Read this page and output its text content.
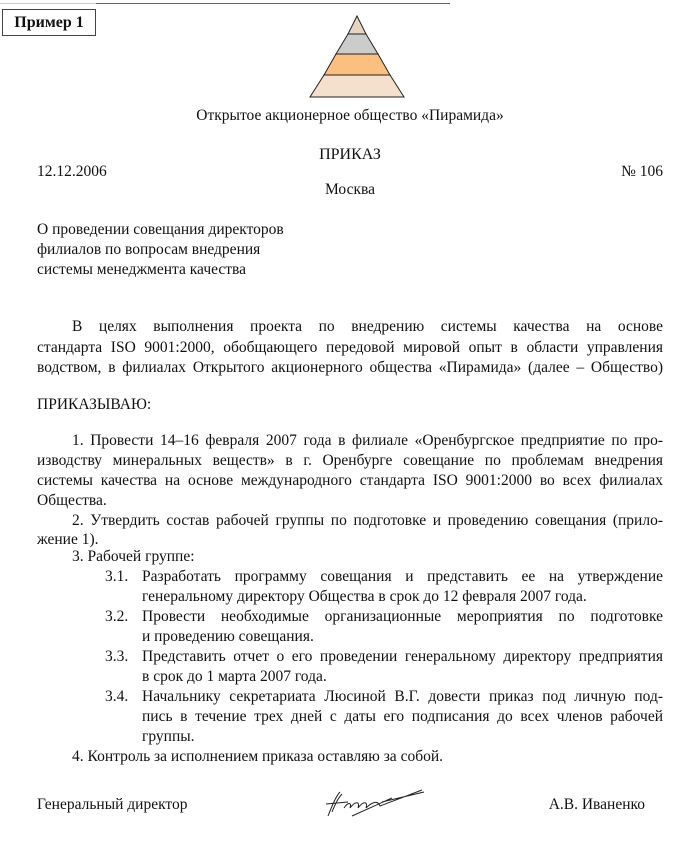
Пример 1
Открытое акционерное общество «Пирамида»
ПРИКАЗ
12.12.2006	№ 106
Москва
О проведении совещания директоров
филиалов по вопросам внедрения
системы менеджмента качества
В целях выполнения проекта по внедрению системы качества на основе
стандарта ISO 9001:2000, обобщающего передовой мировой опыт в области управления
водством, в филиалах Открытого акционерного общества «Пирамида» (далее – Общество)
ПРИКАЗЫВАЮ:
1. Провести 14–16 февраля 2007 года в филиале «Оренбургское предприятие по про-
изводству минеральных веществ» в г. Оренбурге совещание по проблемам внедрения
системы качества на основе международного стандарта ISO 9001:2000 во всех филиалах
Общества.
2. Утвердить состав рабочей группы по подготовке и проведению совещания (прило-
жение 1).
3. Рабочей группе:
3.1. Разработать программу совещания и представить ее на утверждение
генеральному директору Общества в срок до 12 февраля 2007 года.
3.2. Провести необходимые организационные мероприятия по подготовке
и проведению совещания.
3.3. Представить отчет о его проведении генеральному директору предприятия
в срок до 1 марта 2007 года.
3.4. Начальнику секретариата Люсиной В.Г. довести приказ под личную под-
пись в течение трех дней с даты его подписания до всех членов рабочей
группы.
4. Контроль за исполнением приказа оставляю за собой.
Генеральный директор	А.В. Иваненко
